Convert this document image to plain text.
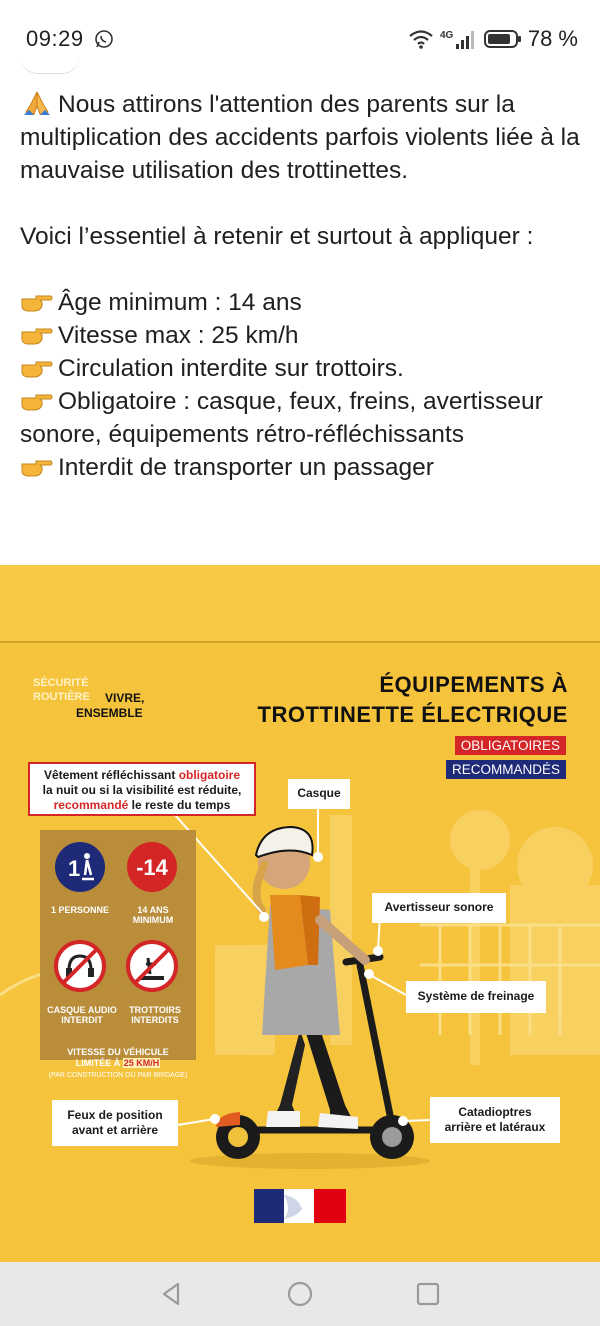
09:29	4G	78 %

Nous attirons l'attention des parents sur la multiplication des accidents parfois violents liée à la mauvaise utilisation des trottinettes.

Voici l’essentiel à retenir et surtout à appliquer :

Âge minimum : 14 ans

Vitesse max : 25 km/h

Circulation interdite sur trottoirs.

Obligatoire : casque, feux, freins, avertisseur sonore, équipements rétro-réfléchissants

Interdit de transporter un passager

SÉCURITÉ
ROUTIÈRE VIVRE,
ENSEMBLE
ÉQUIPEMENTS À
TROTTINETTE ÉLECTRIQUE
OBLIGATOIRES
RECOMMANDÉS
Vêtement réfléchissant obligatoire
la nuit ou si la visibilité est réduite,
recommandé le reste du temps
Casque
Avertisseur sonore
Système de freinage
Feux de position
avant et arrière
Catadioptres
arrière et latéraux
1	-14
1 PERSONNE	14 ANS MINIMUM
CASQUE AUDIO INTERDIT
TROTTOIRS INTERDITS
VITESSE DU VÉHICULE
LIMITÉE À 25 KM/H
(PAR CONSTRUCTION OU PAR BRIDAGE)
